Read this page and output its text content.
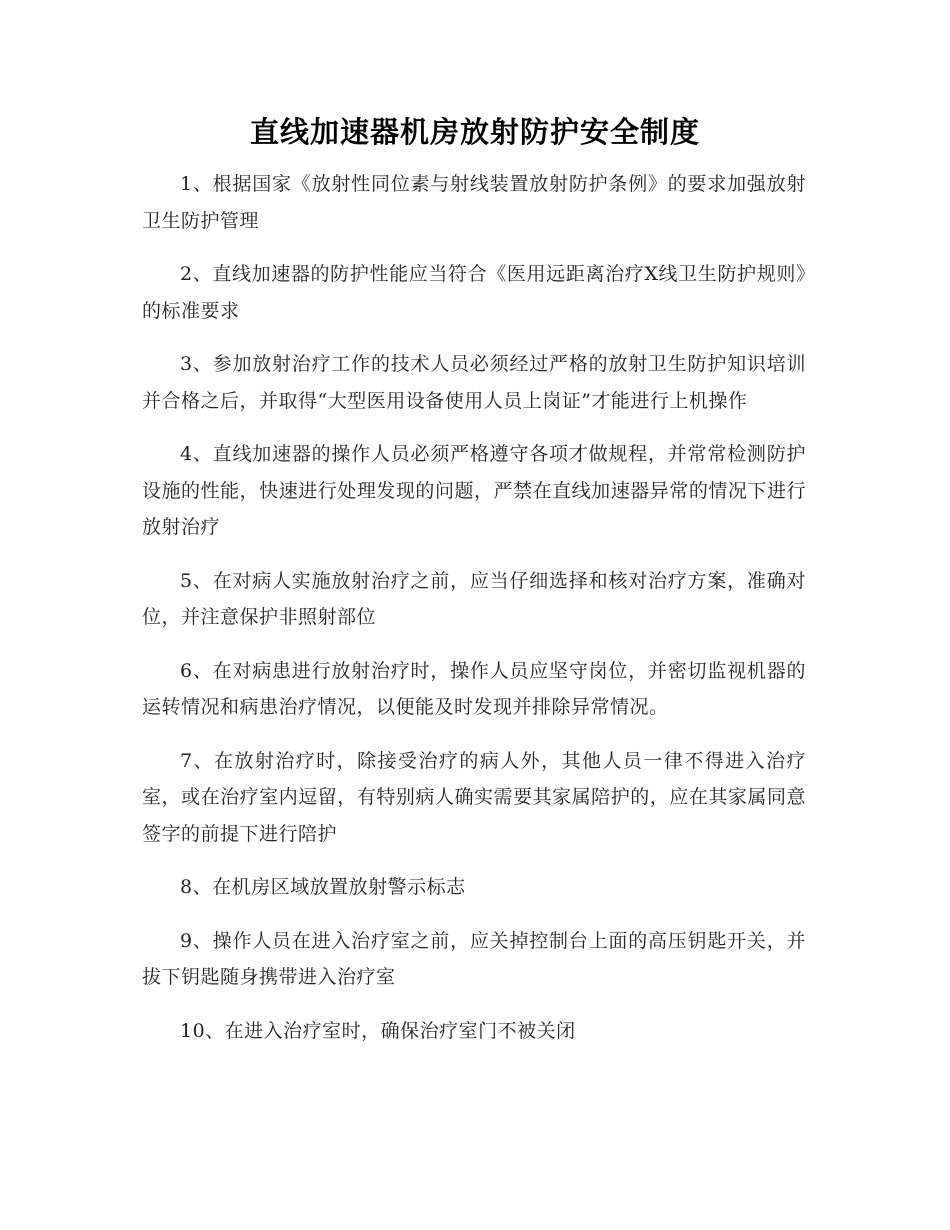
直线加速器机房放射防护安全制度

1、根据国家《放射性同位素与射线装置放射防护条例》的要求加强放射卫生防护管理

2、直线加速器的防护性能应当符合《医用远距离治疗X线卫生防护规则》的标准要求

3、参加放射治疗工作的技术人员必须经过严格的放射卫生防护知识培训并合格之后，并取得“大型医用设备使用人员上岗证”才能进行上机操作

4、直线加速器的操作人员必须严格遵守各项才做规程，并常常检测防护设施的性能，快速进行处理发现的问题，严禁在直线加速器异常的情况下进行放射治疗

5、在对病人实施放射治疗之前，应当仔细选择和核对治疗方案，准确对位，并注意保护非照射部位

6、在对病患进行放射治疗时，操作人员应坚守岗位，并密切监视机器的运转情况和病患治疗情况，以便能及时发现并排除异常情况。

7、在放射治疗时，除接受治疗的病人外，其他人员一律不得进入治疗室，或在治疗室内逗留，有特别病人确实需要其家属陪护的，应在其家属同意签字的前提下进行陪护

8、在机房区域放置放射警示标志

9、操作人员在进入治疗室之前，应关掉控制台上面的高压钥匙开关，并拔下钥匙随身携带进入治疗室

10、在进入治疗室时，确保治疗室门不被关闭
